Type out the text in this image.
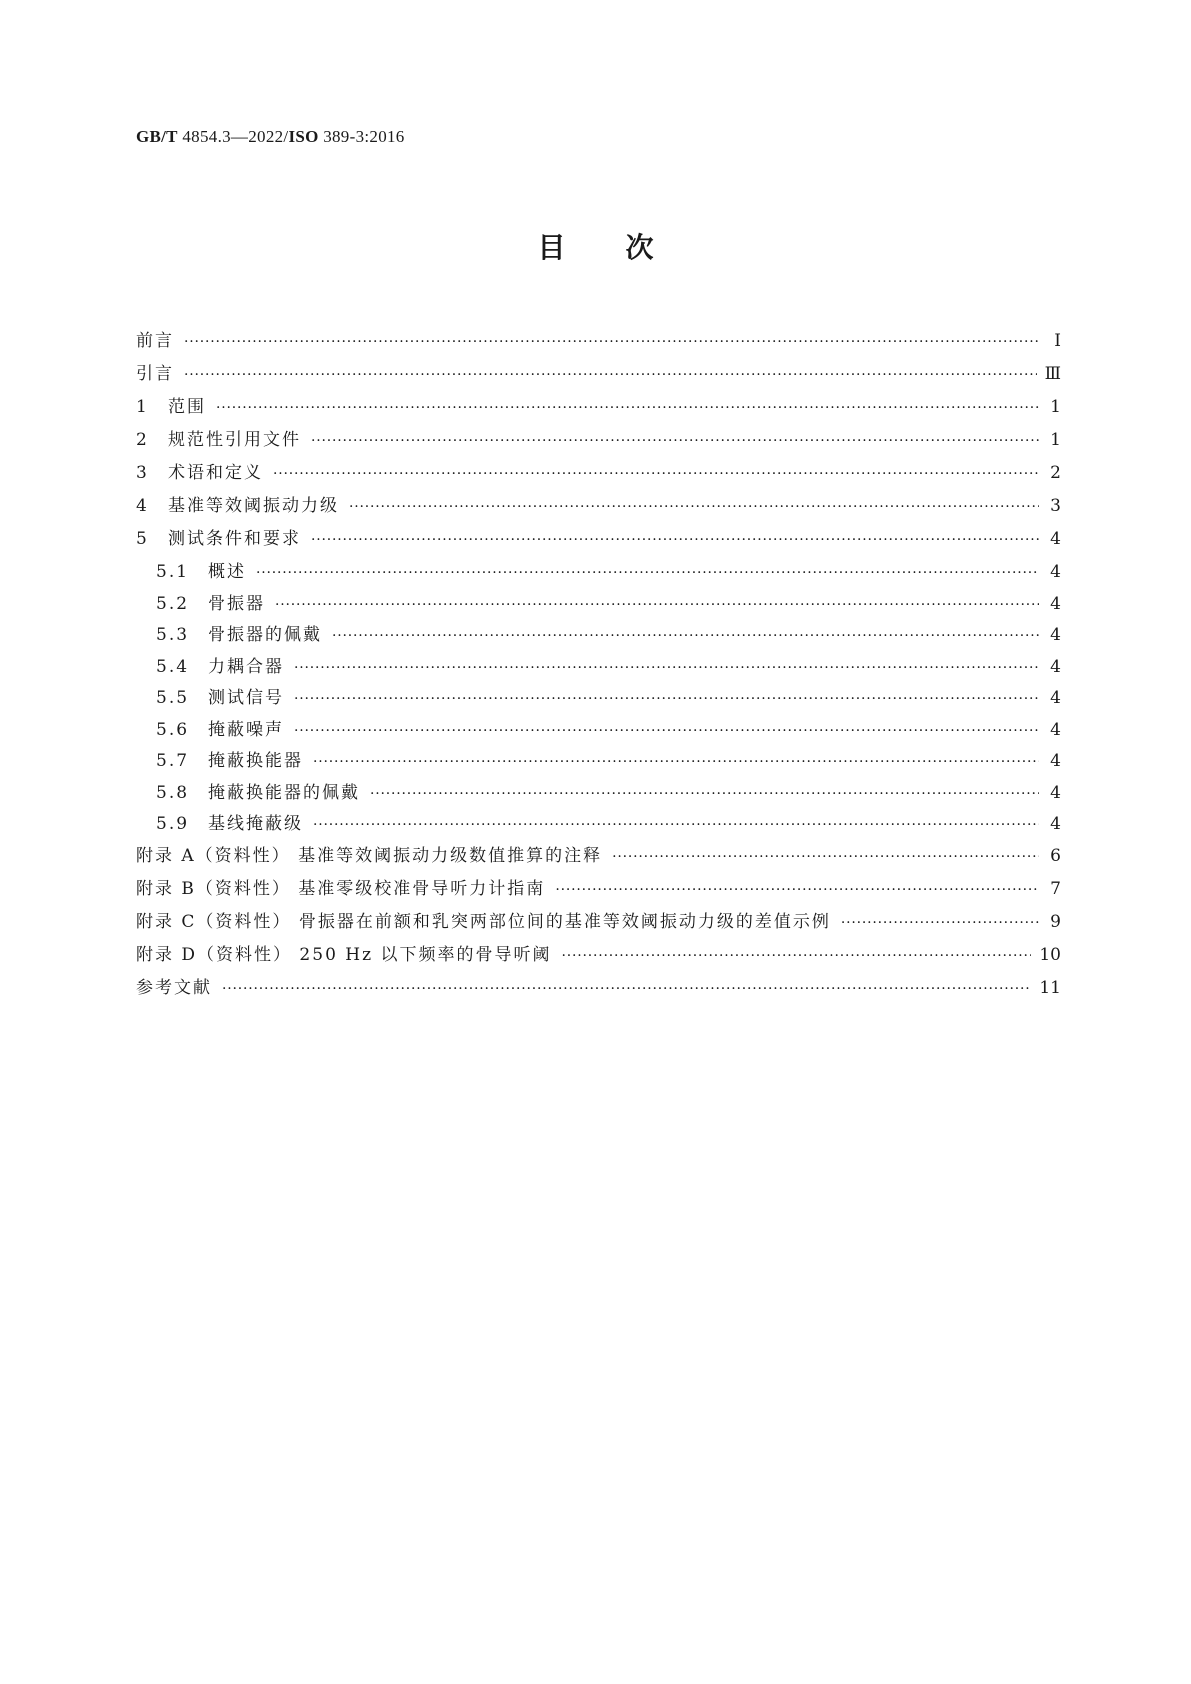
GB/T 4854.3—2022/ISO 389-3:2016
目次
前言 ·····	Ⅰ
引言 ·····	Ⅲ
1	范围 ·····	1
2	规范性引用文件 ·····	1
3	术语和定义 ·····	2
4	基准等效阈振动力级 ·····	3
5	测试条件和要求 ·····	4
5.1	概述 ·····	4
5.2	骨振器 ·····	4
5.3	骨振器的佩戴 ·····	4
5.4	力耦合器 ·····	4
5.5	测试信号 ·····	4
5.6	掩蔽噪声 ·····	4
5.7	掩蔽换能器 ·····	4
5.8	掩蔽换能器的佩戴 ·····	4
5.9	基线掩蔽级 ·····	4
附录 A（资料性） 基准等效阈振动力级数值推算的注释 ·····	6
附录 B（资料性） 基准零级校准骨导听力计指南 ·····	7
附录 C（资料性） 骨振器在前额和乳突两部位间的基准等效阈振动力级的差值示例 ·····	9
附录 D（资料性） 250 Hz 以下频率的骨导听阈 ·····	10
参考文献 ·····	11
